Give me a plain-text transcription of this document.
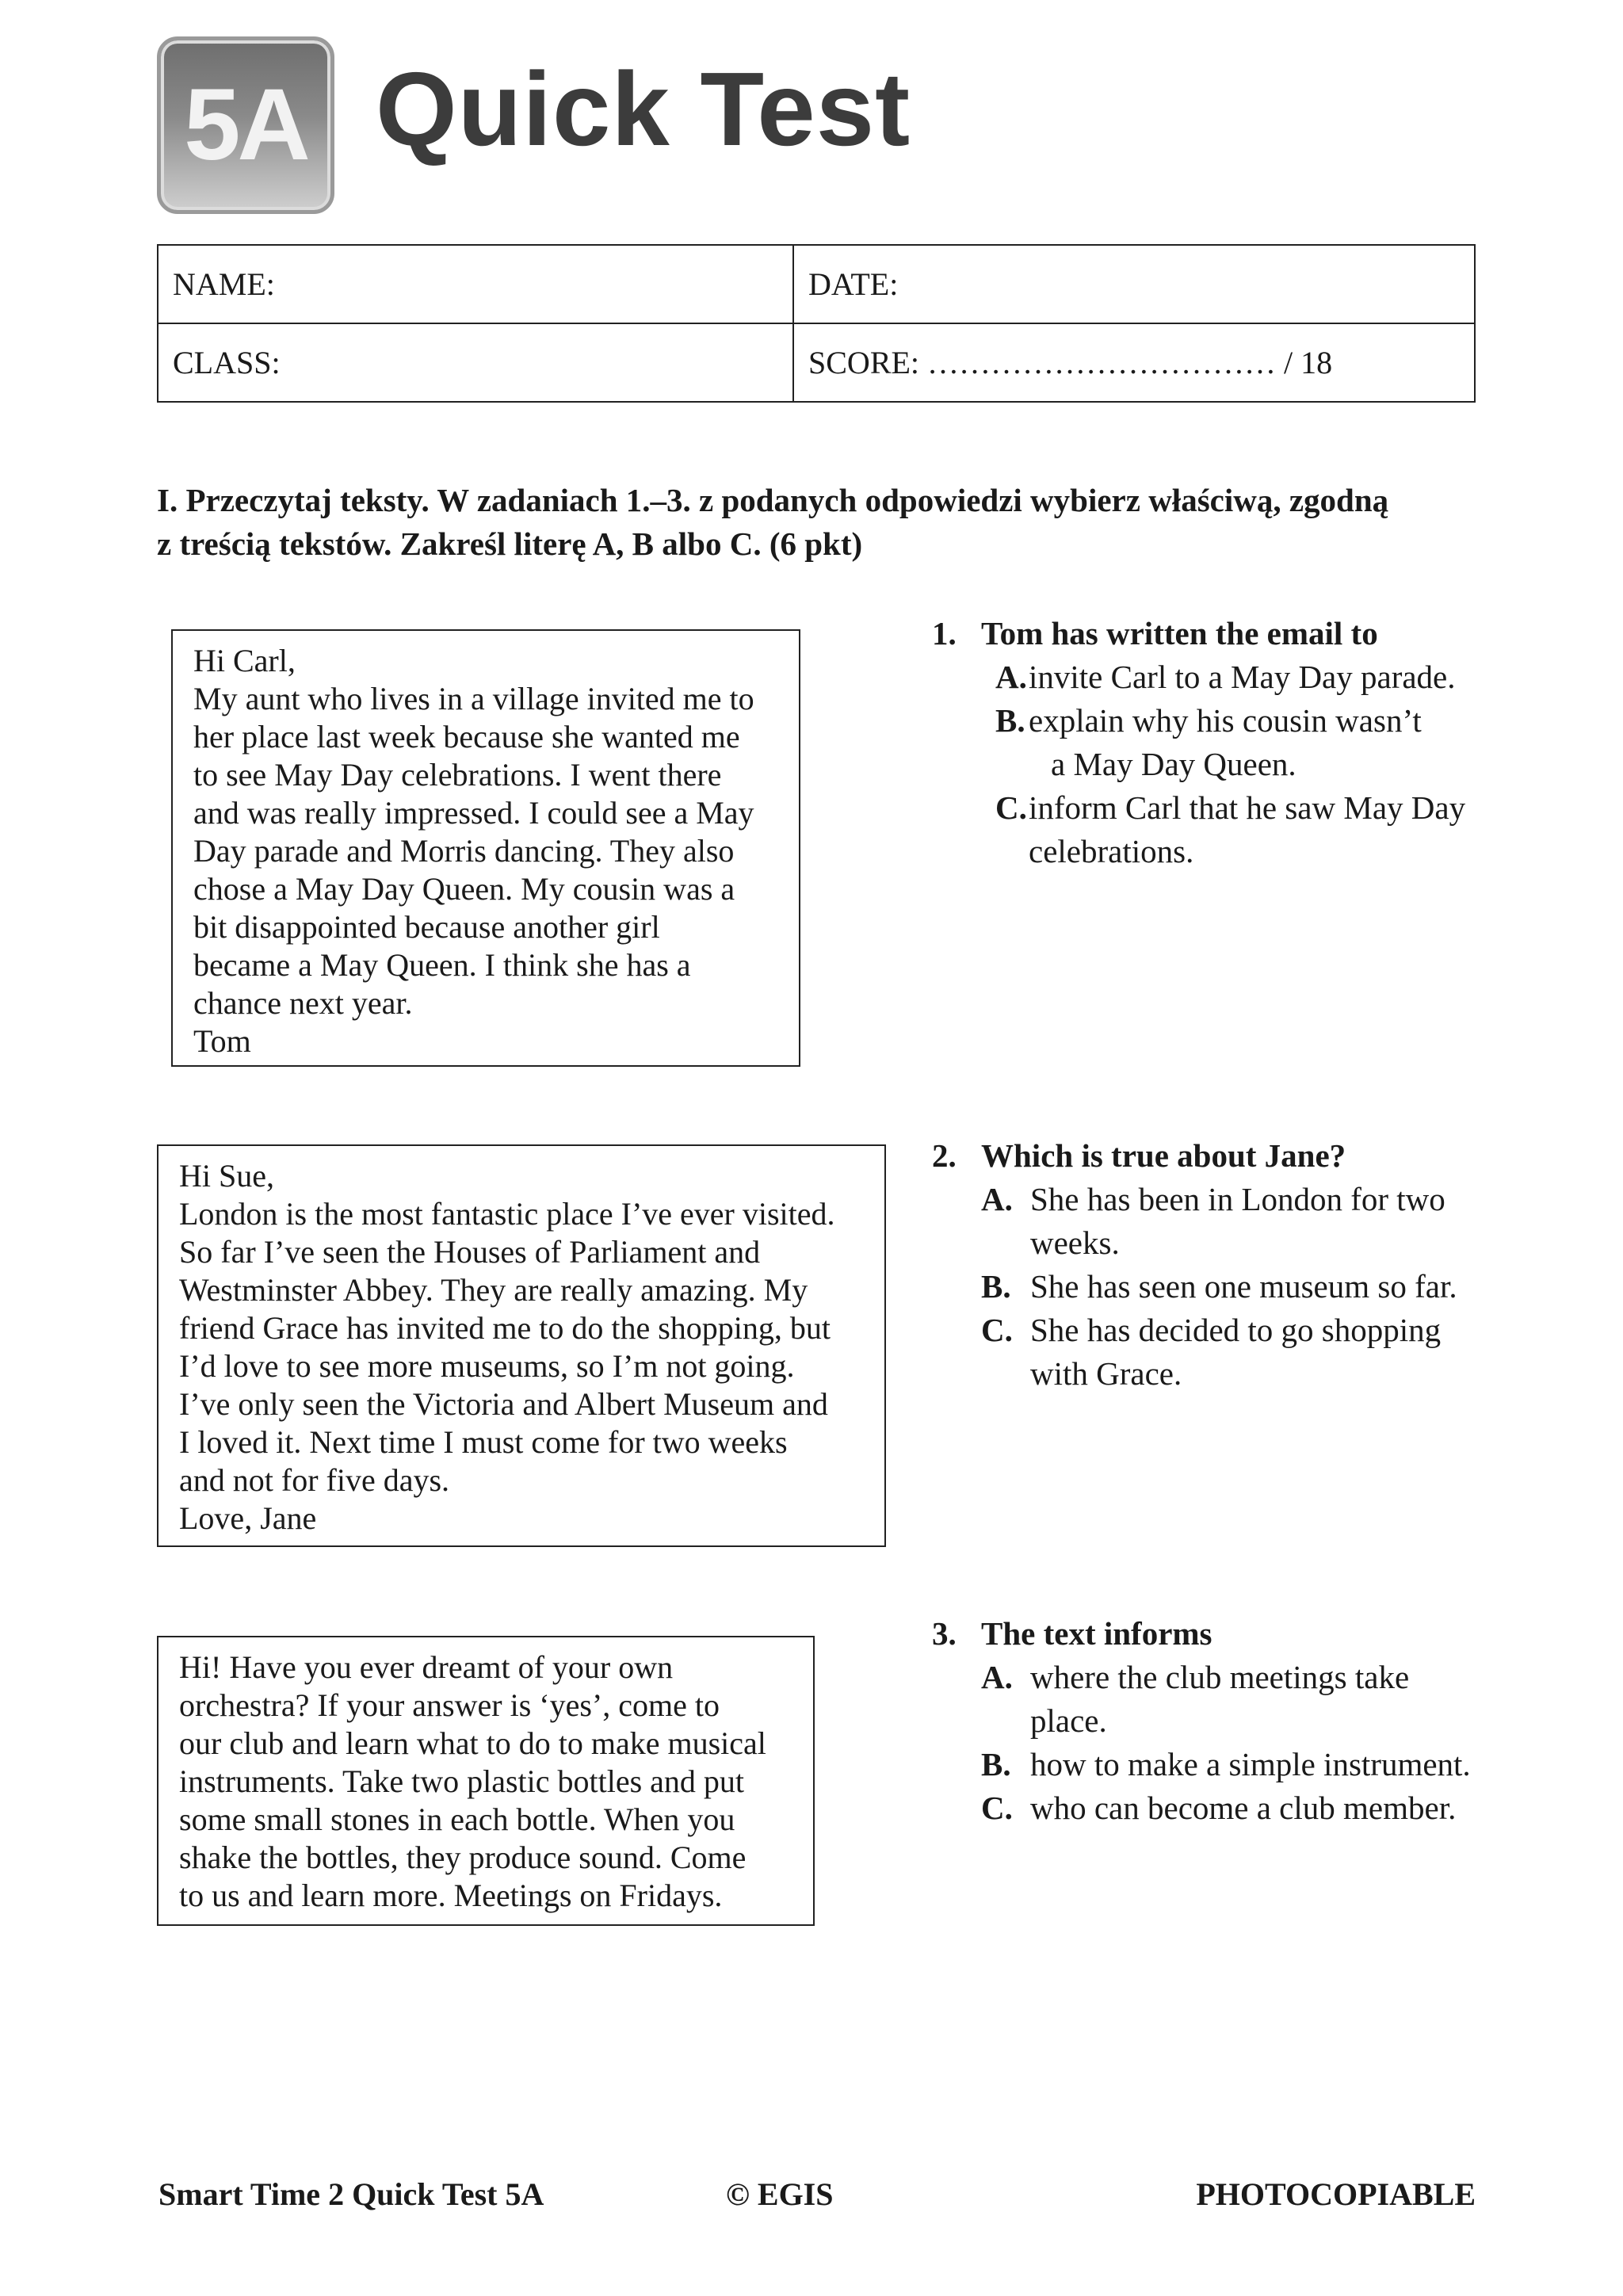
5A Quick Test
NAME:	DATE:
CLASS:	SCORE: …………………………… / 18
I. Przeczytaj teksty. W zadaniach 1.–3. z podanych odpowiedzi wybierz właściwą, zgodną
z treścią tekstów. Zakreśl literę A, B albo C. (6 pkt)
Hi Carl,
My aunt who lives in a village invited me to
her place last week because she wanted me
to see May Day celebrations. I went there
and was really impressed. I could see a May
Day parade and Morris dancing. They also
chose a May Day Queen. My cousin was a
bit disappointed because another girl
became a May Queen. I think she has a
chance next year.
Tom
Hi Sue,
London is the most fantastic place I’ve ever visited.
So far I’ve seen the Houses of Parliament and
Westminster Abbey. They are really amazing. My
friend Grace has invited me to do the shopping, but
I’d love to see more museums, so I’m not going.
I’ve only seen the Victoria and Albert Museum and
I loved it. Next time I must come for two weeks
and not for five days.
Love, Jane
Hi! Have you ever dreamt of your own
orchestra? If your answer is ‘yes’, come to
our club and learn what to do to make musical
instruments. Take two plastic bottles and put
some small stones in each bottle. When you
shake the bottles, they produce sound. Come
to us and learn more. Meetings on Fridays.
1. Tom has written the email to
A. invite Carl to a May Day parade.
B. explain why his cousin wasn’t
a May Day Queen.
C. inform Carl that he saw May Day
celebrations.
2. Which is true about Jane?
A. She has been in London for two
weeks.
B. She has seen one museum so far.
C. She has decided to go shopping
with Grace.
3. The text informs
A. where the club meetings take
place.
B. how to make a simple instrument.
C. who can become a club member.
Smart Time 2 Quick Test 5A	© EGIS	PHOTOCOPIABLE
